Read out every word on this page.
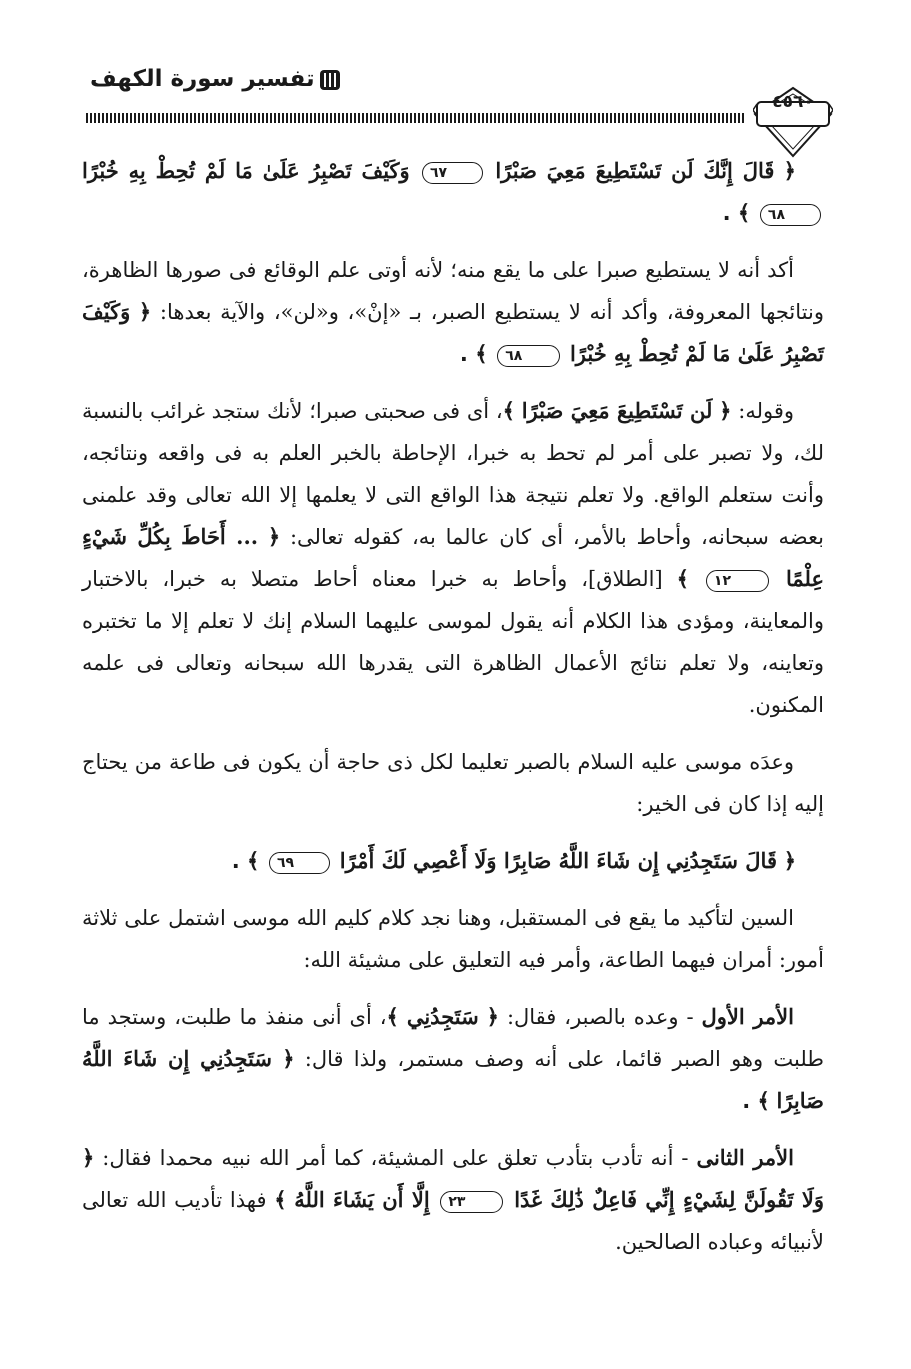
تفسير سورة الكهف
٤٥٦٠

﴿ قَالَ إِنَّكَ لَن تَسْتَطِيعَ مَعِيَ صَبْرًا ٦٧ وَكَيْفَ تَصْبِرُ عَلَىٰ مَا لَمْ تُحِطْ بِهِ خُبْرًا ٦٨ ﴾ .

أكد أنه لا يستطيع صبرا على ما يقع منه؛ لأنه أوتى علم الوقائع فى صورها الظاهرة، ونتائجها المعروفة، وأكد أنه لا يستطيع الصبر، بـ «إنْ»، و«لن»، والآية بعدها: ﴿ وَكَيْفَ تَصْبِرُ عَلَىٰ مَا لَمْ تُحِطْ بِهِ خُبْرًا ٦٨ ﴾ .

وقوله: ﴿ لَن تَسْتَطِيعَ مَعِيَ صَبْرًا ﴾، أى فى صحبتى صبرا؛ لأنك ستجد غرائب بالنسبة لك، ولا تصبر على أمر لم تحط به خبرا، الإحاطة بالخبر العلم به فى واقعه ونتائجه، وأنت ستعلم الواقع. ولا تعلم نتيجة هذا الواقع التى لا يعلمها إلا الله تعالى وقد علمنى بعضه سبحانه، وأحاط بالأمر، أى كان عالما به، كقوله تعالى: ﴿ ... أَحَاطَ بِكُلِّ شَيْءٍ عِلْمًا ١٢ ﴾ [الطلاق]، وأحاط به خبرا معناه أحاط متصلا به خبرا، بالاختبار والمعاينة، ومؤدى هذا الكلام أنه يقول لموسى عليهما السلام إنك لا تعلم إلا ما تختبره وتعاينه، ولا تعلم نتائج الأعمال الظاهرة التى يقدرها الله سبحانه وتعالى فى علمه المكنون.

وعدَه موسى عليه السلام بالصبر تعليما لكل ذى حاجة أن يكون فى طاعة من يحتاج إليه إذا كان فى الخير:

﴿ قَالَ سَتَجِدُنِي إِن شَاءَ اللَّهُ صَابِرًا وَلَا أَعْصِي لَكَ أَمْرًا ٦٩ ﴾ .

السين لتأكيد ما يقع فى المستقبل، وهنا نجد كلام كليم الله موسى اشتمل على ثلاثة أمور: أمران فيهما الطاعة، وأمر فيه التعليق على مشيئة الله:

الأمر الأول - وعده بالصبر، فقال: ﴿ سَتَجِدُنِي ﴾، أى أنى منفذ ما طلبت، وستجد ما طلبت وهو الصبر قائما، على أنه وصف مستمر، ولذا قال: ﴿ سَتَجِدُنِي إِن شَاءَ اللَّهُ صَابِرًا ﴾ .

الأمر الثانى - أنه تأدب بتأدب تعلق على المشيئة، كما أمر الله نبيه محمدا فقال: ﴿ وَلَا تَقُولَنَّ لِشَيْءٍ إِنِّي فَاعِلٌ ذَٰلِكَ غَدًا ٢٣ إِلَّا أَن يَشَاءَ اللَّهُ ﴾ فهذا تأديب الله تعالى لأنبيائه وعباده الصالحين.
